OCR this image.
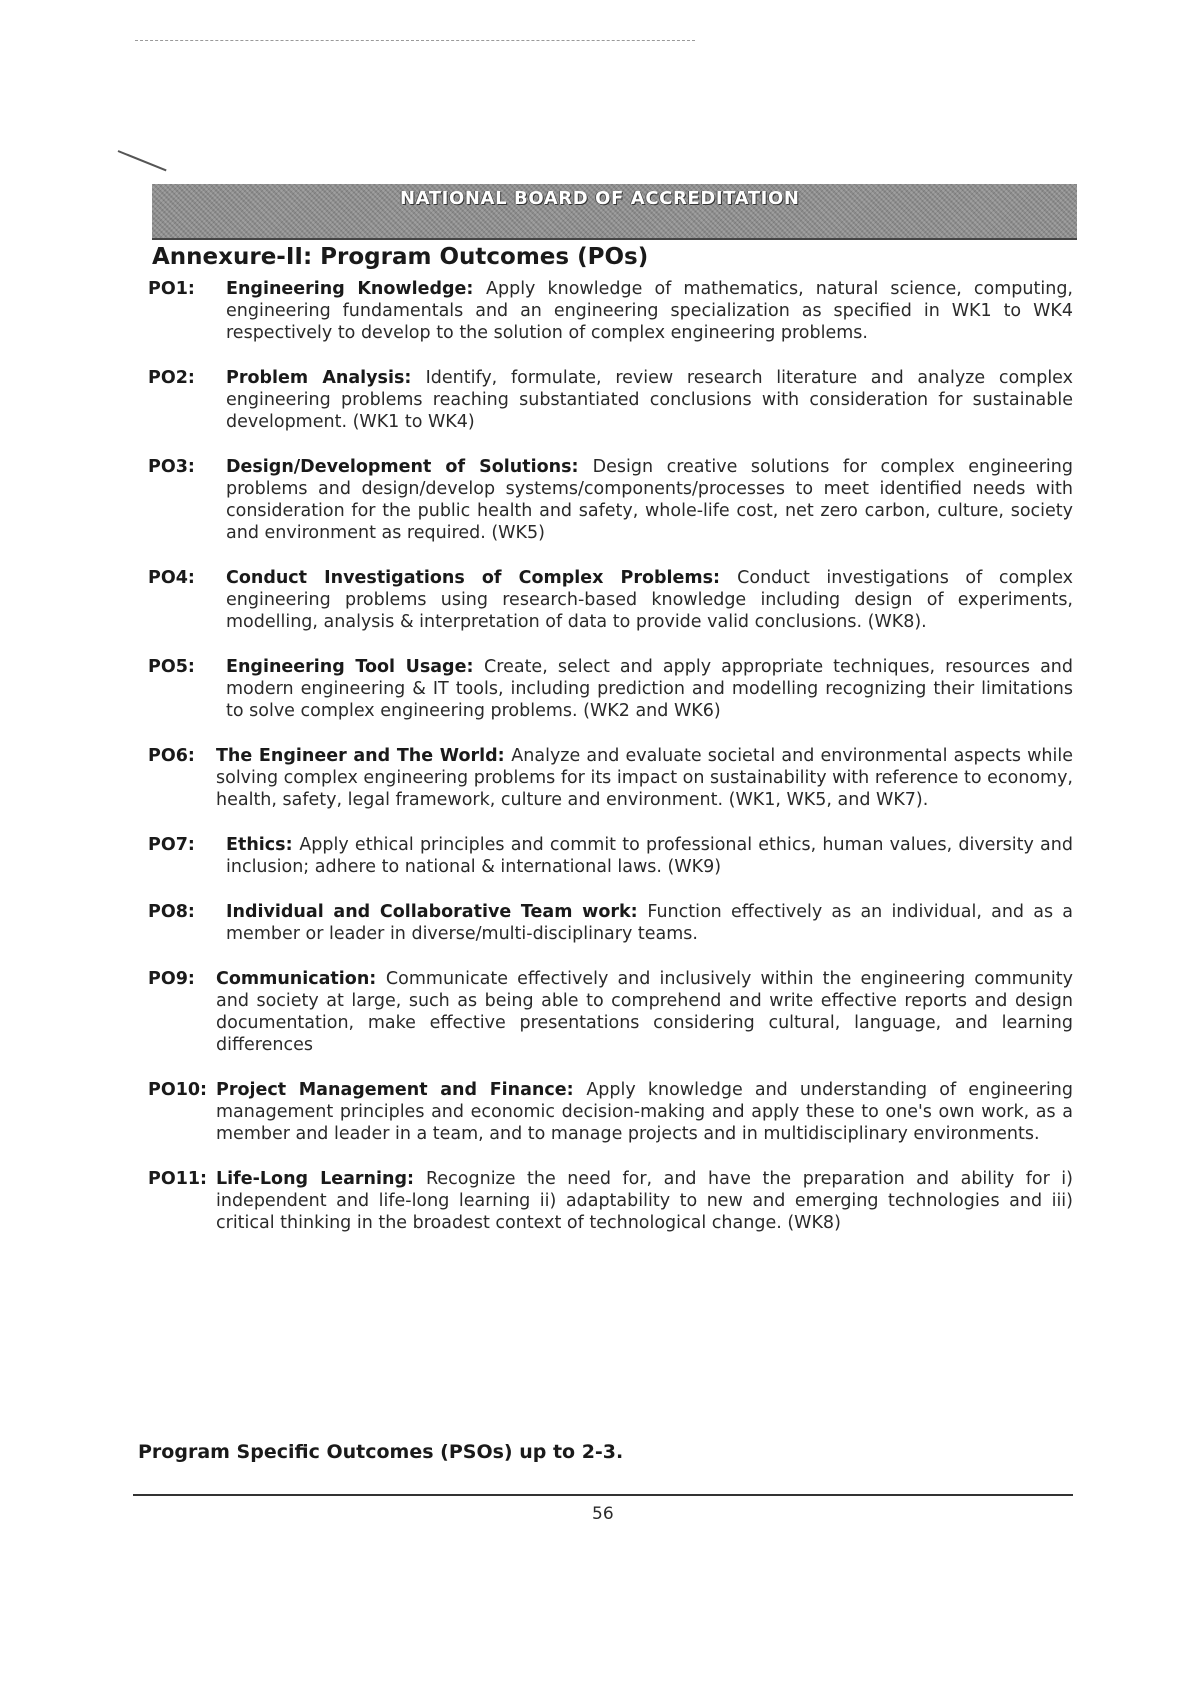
NATIONAL BOARD OF ACCREDITATION
Annexure-II: Program Outcomes (POs)
PO1:	Engineering Knowledge: Apply knowledge of mathematics, natural science, computing, engineering fundamentals and an engineering specialization as specified in WK1 to WK4 respectively to develop to the solution of complex engineering problems.
PO2:	Problem Analysis: Identify, formulate, review research literature and analyze complex engineering problems reaching substantiated conclusions with consideration for sustainable development. (WK1 to WK4)
PO3:	Design/Development of Solutions: Design creative solutions for complex engineering problems and design/develop systems/components/processes to meet identified needs with consideration for the public health and safety, whole-life cost, net zero carbon, culture, society and environment as required. (WK5)
PO4:	Conduct Investigations of Complex Problems: Conduct investigations of complex engineering problems using research-based knowledge including design of experiments, modelling, analysis & interpretation of data to provide valid conclusions. (WK8).
PO5:	Engineering Tool Usage: Create, select and apply appropriate techniques, resources and modern engineering & IT tools, including prediction and modelling recognizing their limitations to solve complex engineering problems. (WK2 and WK6)
PO6:	The Engineer and The World: Analyze and evaluate societal and environmental aspects while solving complex engineering problems for its impact on sustainability with reference to economy, health, safety, legal framework, culture and environment. (WK1, WK5, and WK7).
PO7:	Ethics: Apply ethical principles and commit to professional ethics, human values, diversity and inclusion; adhere to national & international laws. (WK9)
PO8:	Individual and Collaborative Team work: Function effectively as an individual, and as a member or leader in diverse/multi-disciplinary teams.
PO9:	Communication: Communicate effectively and inclusively within the engineering community and society at large, such as being able to comprehend and write effective reports and design documentation, make effective presentations considering cultural, language, and learning differences
PO10: Project Management and Finance: Apply knowledge and understanding of engineering management principles and economic decision-making and apply these to one's own work, as a member and leader in a team, and to manage projects and in multidisciplinary environments.
PO11: Life-Long Learning: Recognize the need for, and have the preparation and ability for i) independent and life-long learning ii) adaptability to new and emerging technologies and iii) critical thinking in the broadest context of technological change. (WK8)
Program Specific Outcomes (PSOs) up to 2-3.
56
